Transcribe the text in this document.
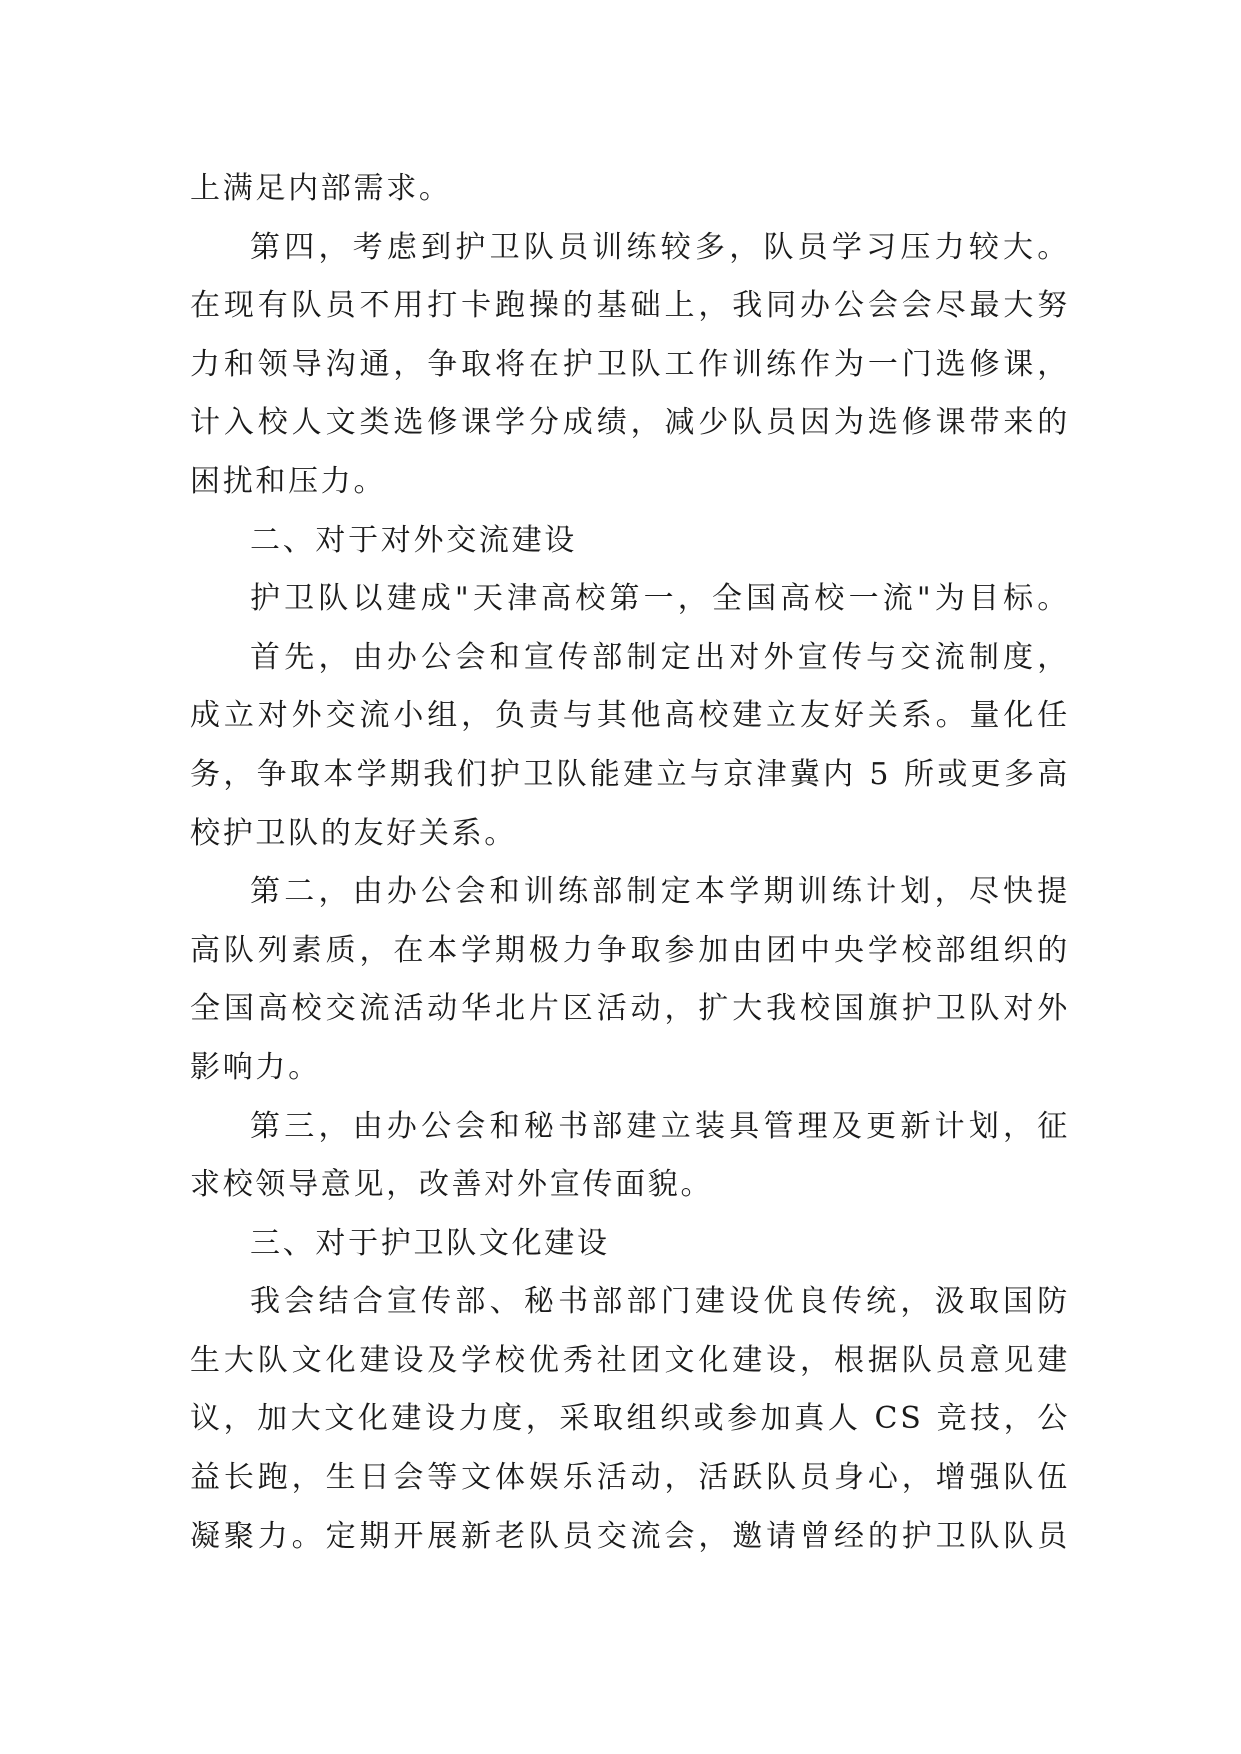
上满足内部需求。

第四，考虑到护卫队员训练较多，队员学习压力较大。
在现有队员不用打卡跑操的基础上，我同办公会会尽最大努
力和领导沟通，争取将在护卫队工作训练作为一门选修课，
计入校人文类选修课学分成绩，减少队员因为选修课带来的
困扰和压力。

二、对于对外交流建设

护卫队以建成"天津高校第一，全国高校一流"为目标。

首先，由办公会和宣传部制定出对外宣传与交流制度，
成立对外交流小组，负责与其他高校建立友好关系。量化任
务，争取本学期我们护卫队能建立与京津冀内 5 所或更多高
校护卫队的友好关系。

第二，由办公会和训练部制定本学期训练计划，尽快提
高队列素质，在本学期极力争取参加由团中央学校部组织的
全国高校交流活动华北片区活动，扩大我校国旗护卫队对外
影响力。

第三，由办公会和秘书部建立装具管理及更新计划，征
求校领导意见，改善对外宣传面貌。

三、对于护卫队文化建设

我会结合宣传部、秘书部部门建设优良传统，汲取国防
生大队文化建设及学校优秀社团文化建设，根据队员意见建
议，加大文化建设力度，采取组织或参加真人 CS 竞技，公
益长跑，生日会等文体娱乐活动，活跃队员身心，增强队伍
凝聚力。定期开展新老队员交流会，邀请曾经的护卫队队员
